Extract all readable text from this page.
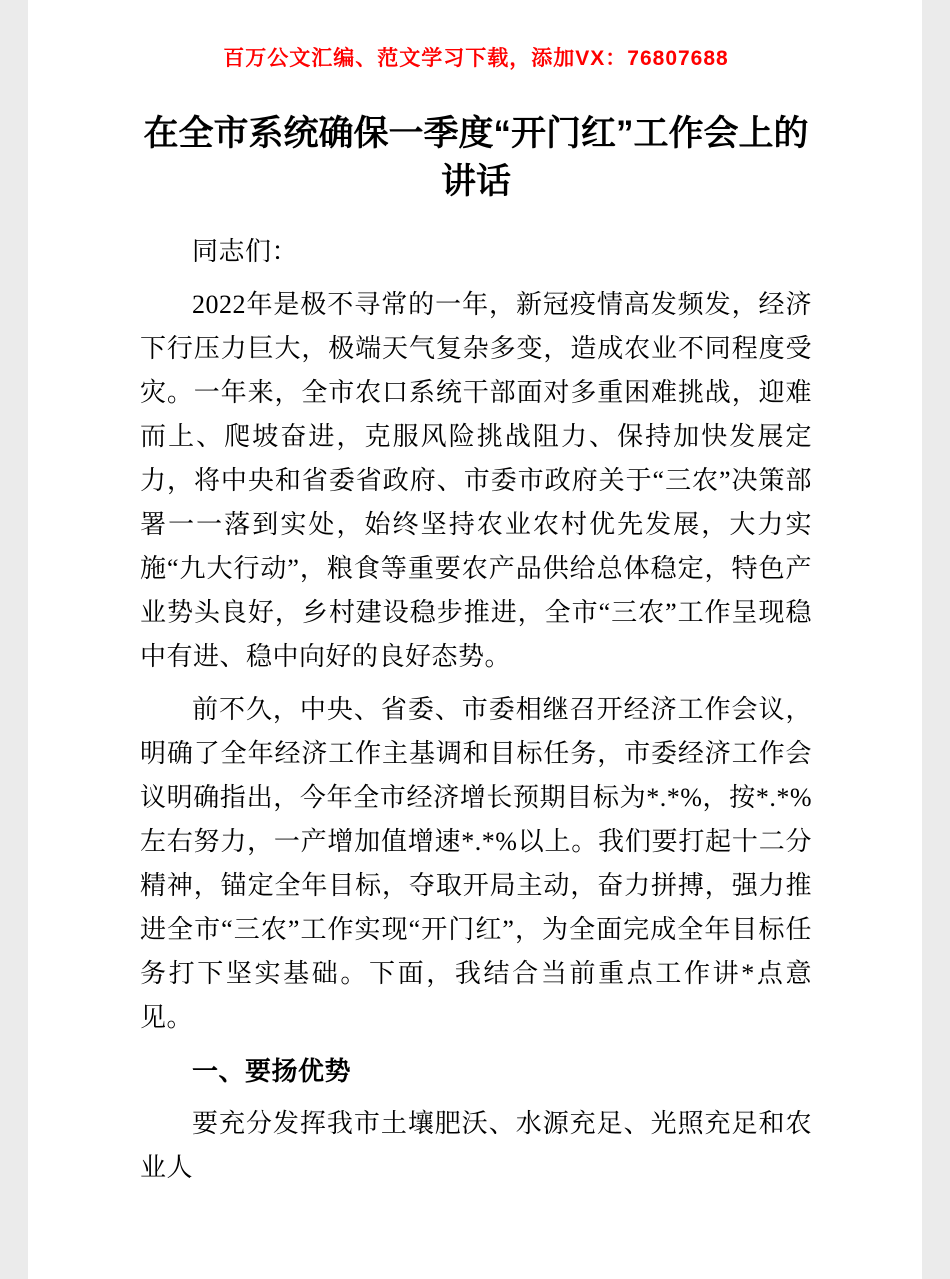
百万公文汇编、范文学习下载，添加VX：76807688
在全市系统确保一季度“开门红”工作会上的讲话

同志们：

2022年是极不寻常的一年，新冠疫情高发频发，经济下行压力巨大，极端天气复杂多变，造成农业不同程度受灾。一年来，全市农口系统干部面对多重困难挑战，迎难而上、爬坡奋进，克服风险挑战阻力、保持加快发展定力，将中央和省委省政府、市委市政府关于“三农”决策部署一一落到实处，始终坚持农业农村优先发展，大力实施“九大行动”，粮食等重要农产品供给总体稳定，特色产业势头良好，乡村建设稳步推进，全市“三农”工作呈现稳中有进、稳中向好的良好态势。

前不久，中央、省委、市委相继召开经济工作会议，明确了全年经济工作主基调和目标任务，市委经济工作会议明确指出，今年全市经济增长预期目标为*.*%，按*.*%左右努力，一产增加值增速*.*%以上。我们要打起十二分精神，锚定全年目标，夺取开局主动，奋力拼搏，强力推进全市“三农”工作实现“开门红”，为全面完成全年目标任务打下坚实基础。下面，我结合当前重点工作讲*点意见。

一、要扬优势

要充分发挥我市土壤肥沃、水源充足、光照充足和农业人
